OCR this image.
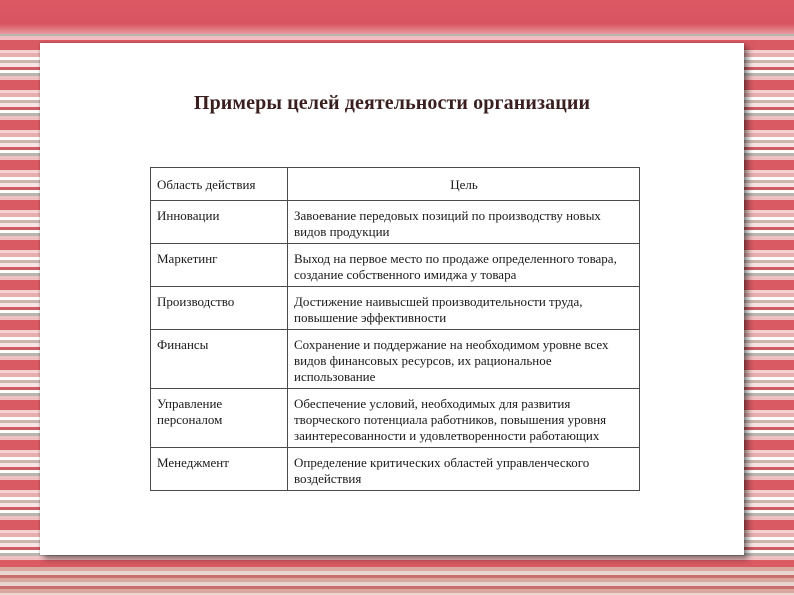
Примеры целей деятельности организации
Область действия	Цель
Инновации	Завоевание передовых позиций по производству новых видов продукции
Маркетинг	Выход на первое место по продаже определенного товара, создание собственного имиджа у товара
Производство	Достижение наивысшей производительности труда, повышение эффективности
Финансы	Сохранение и поддержание на необходимом уровне всех видов финансовых ресурсов, их рациональное использование
Управление персоналом	Обеспечение условий, необходимых для развития творческого потенциала работников, повышения уровня заинтересованности и удовлетворенности работающих
Менеджмент	Определение критических областей управленческого воздействия
